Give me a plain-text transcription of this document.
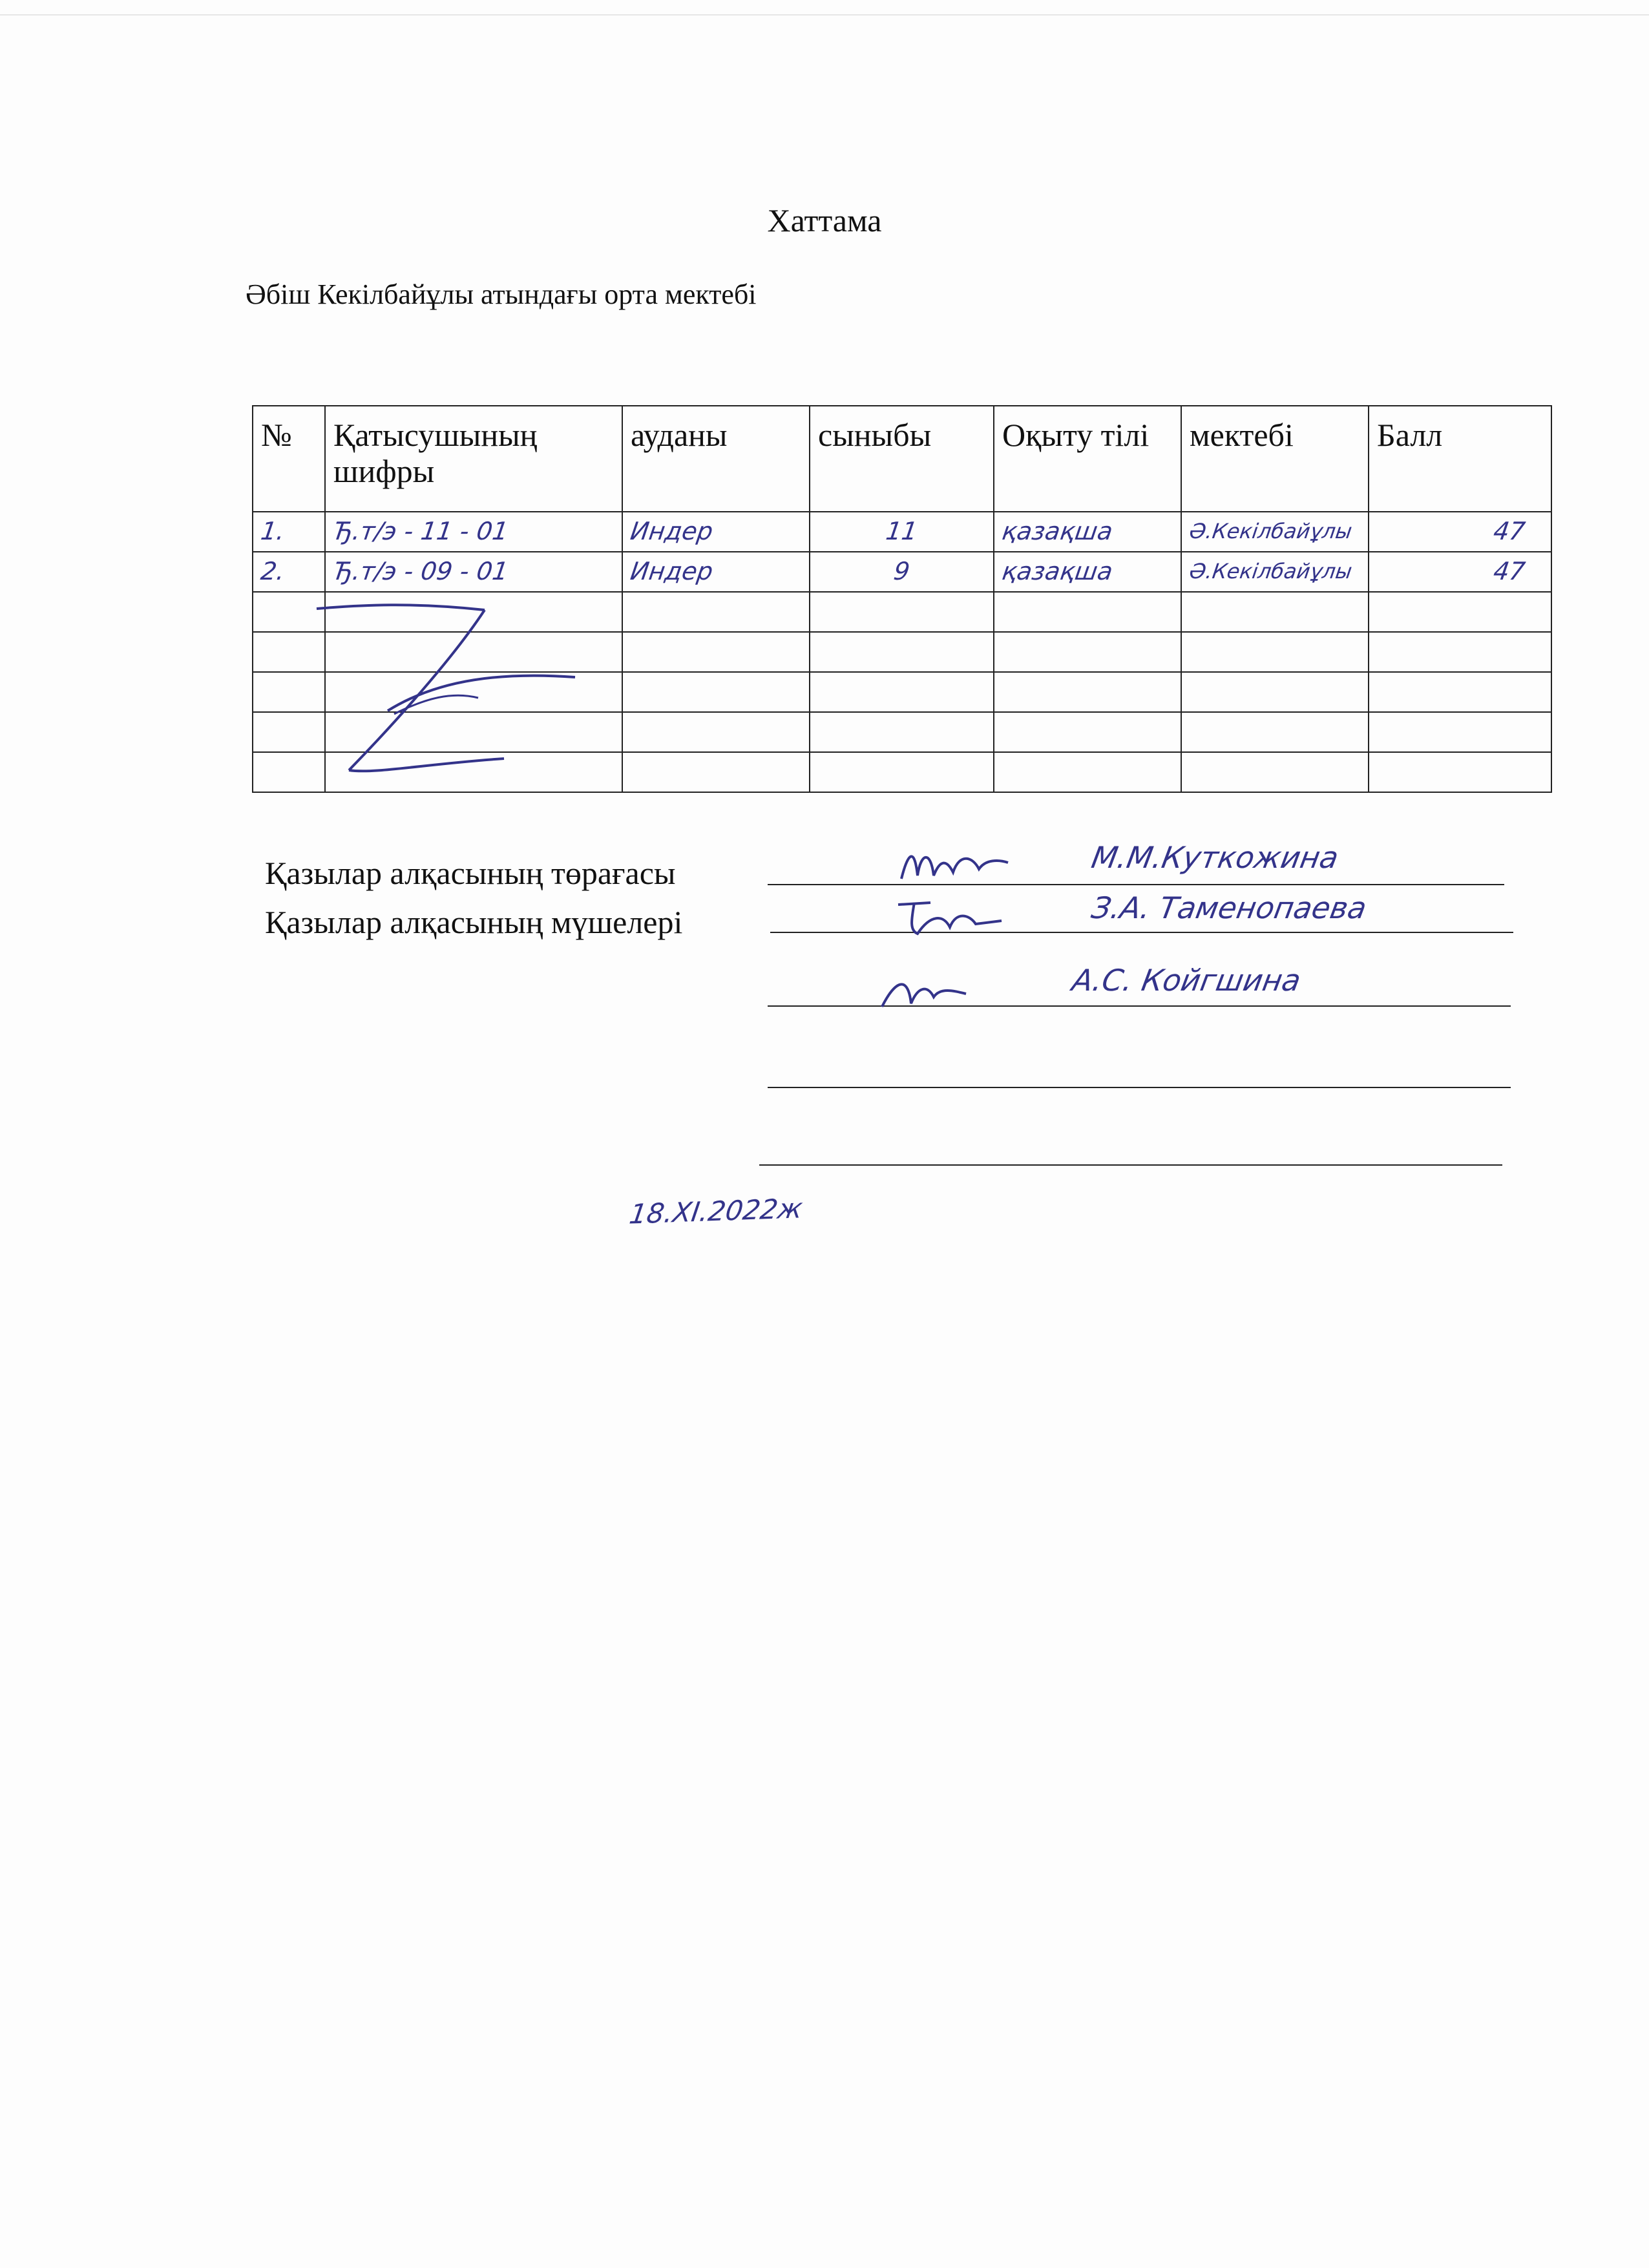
Хаттама
Әбіш Кекілбайұлы атындағы орта мектебі
№	Қатысушының шифры	ауданы	сыныбы	Оқыту тілі	мектебі	Балл
1.	Ђ.т/э - 11 - 01	Индер	11	қазақша	Ә.Кекілбайұлы	47

2.	Ђ.т/э - 09 - 01	Индер	9	қазақша	Ә.Кекілбайұлы	47

Қазылар алқасының төрағасы	М.М.Куткожина
Қазылар алқасының мүшелері	З.А. Таменопаева
А.С. Койгшина
18.XI.2022ж
